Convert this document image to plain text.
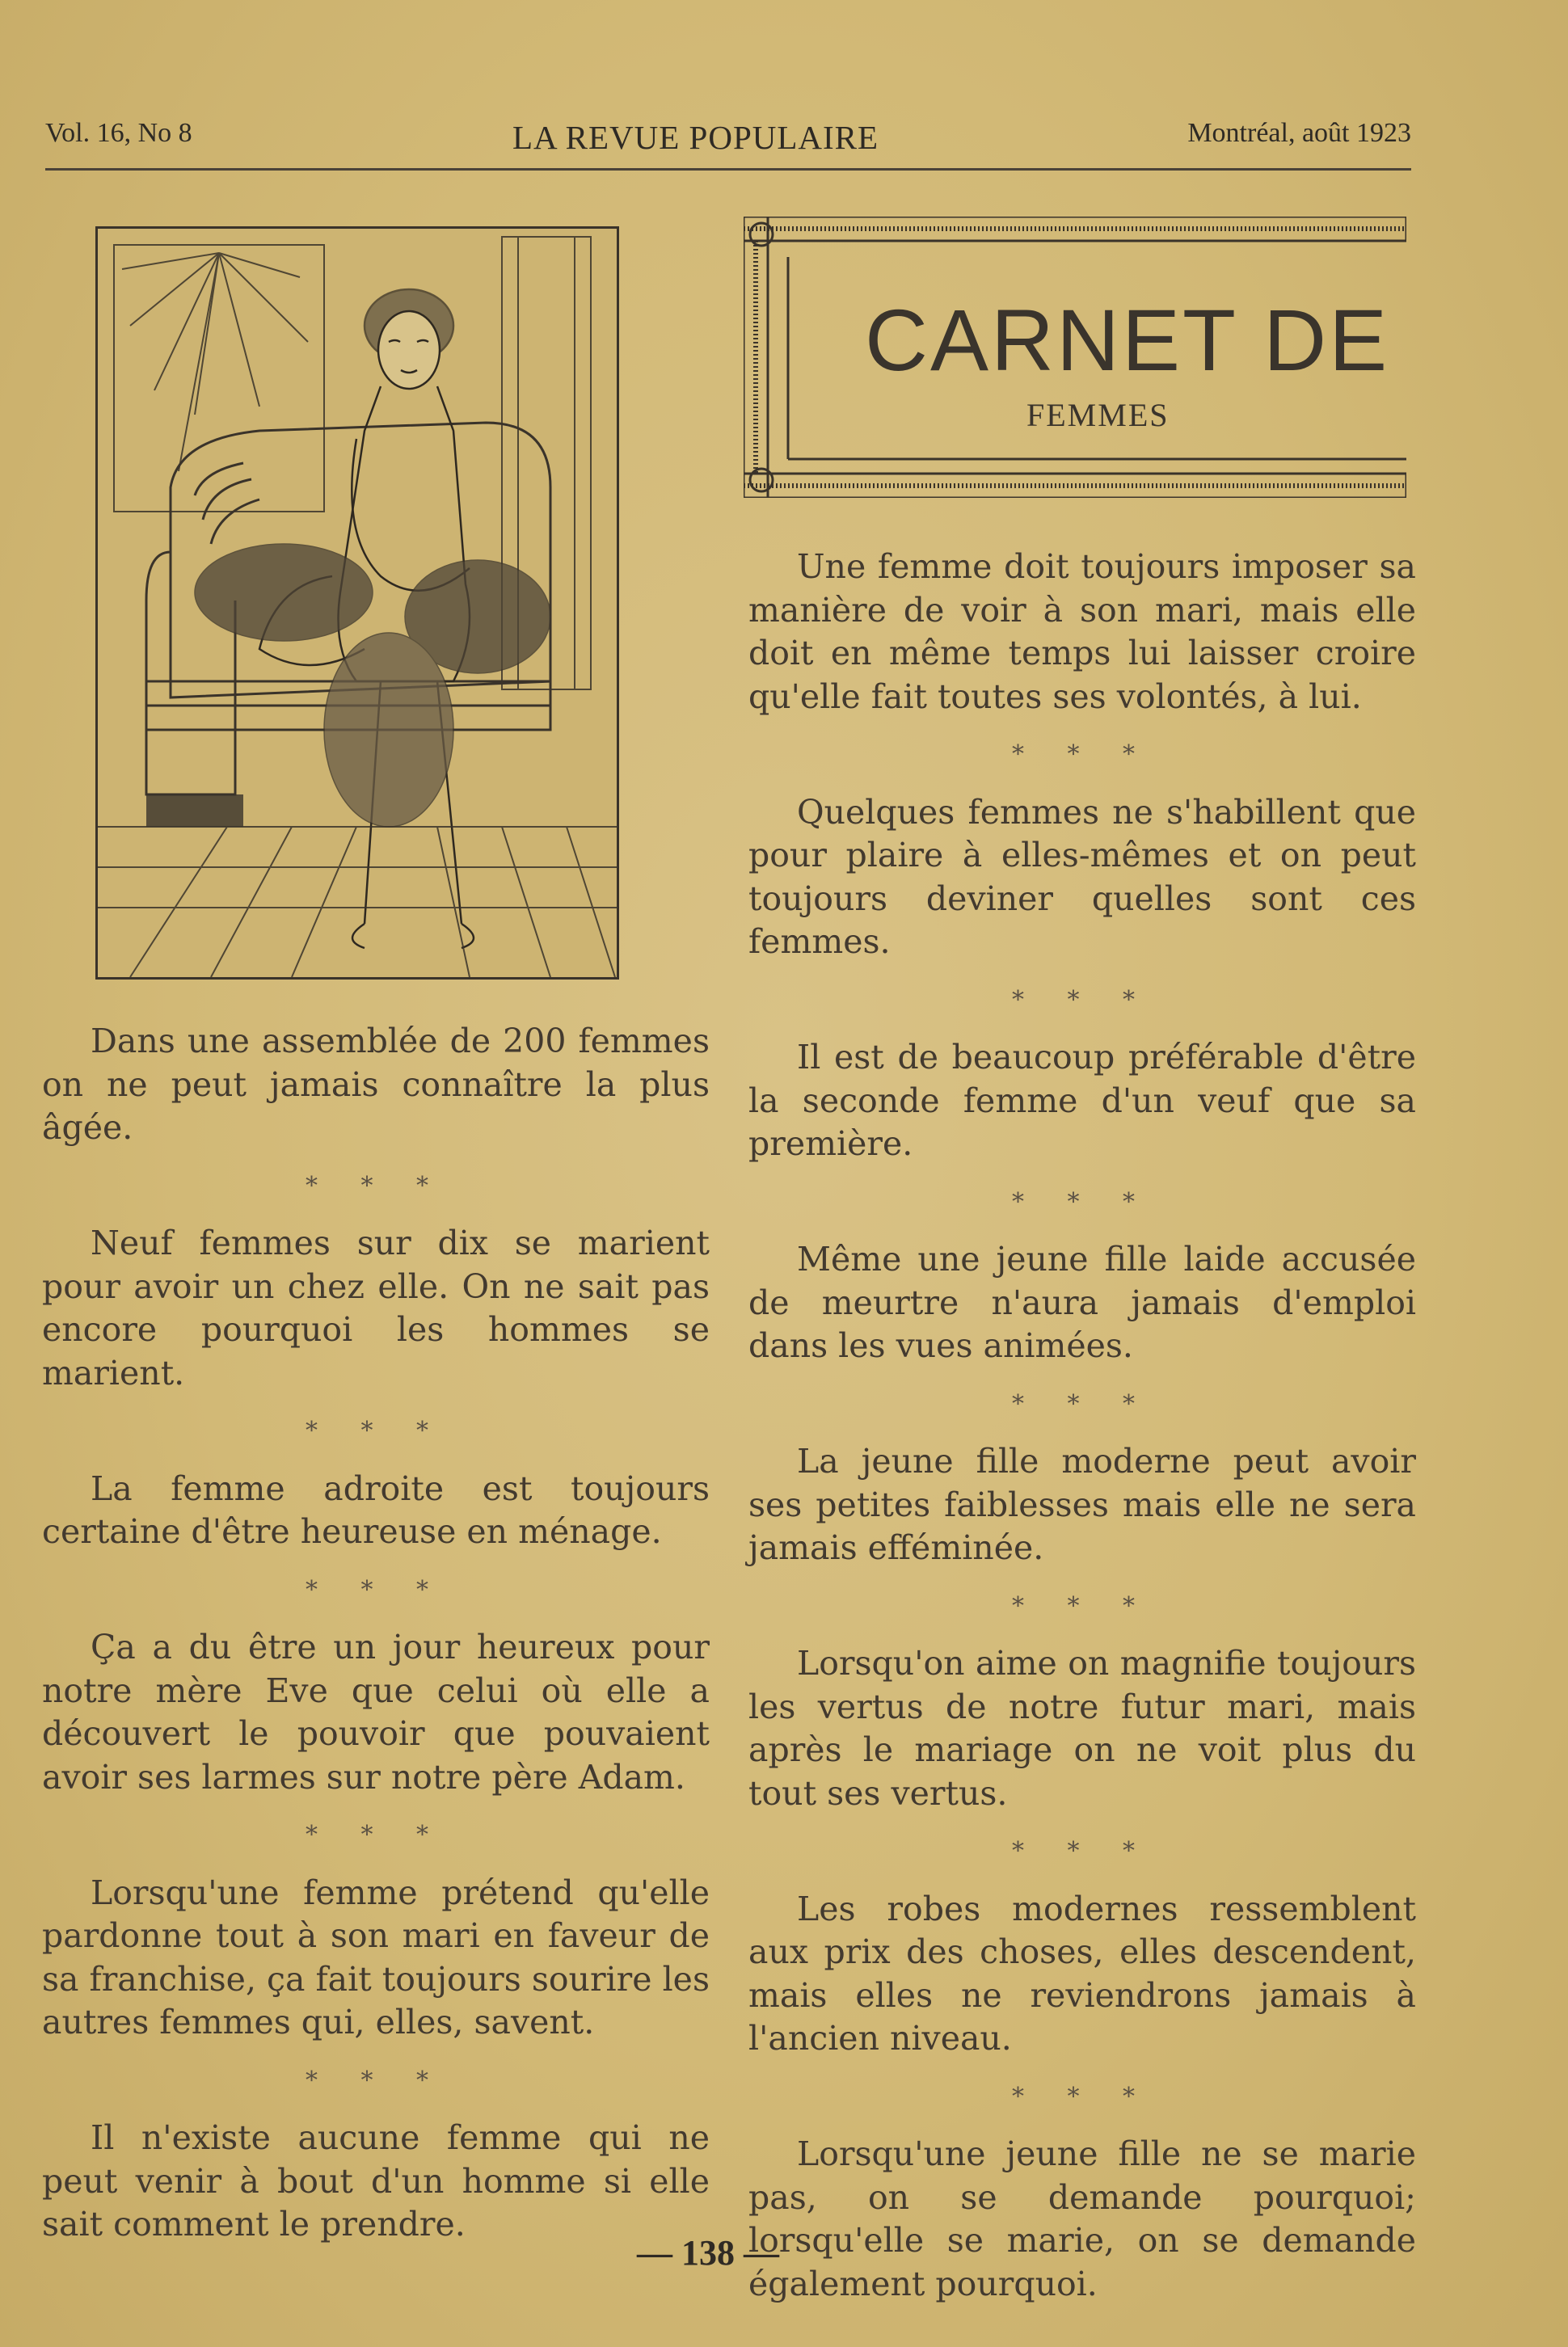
Vol. 16, No 8	LA REVUE POPULAIRE	Montréal, août 1923
CARNET DE
FEMMES

Dans une assemblée de 200 femmes on ne peut jamais connaître la plus âgée.

* * *

Neuf femmes sur dix se marient pour avoir un chez elle. On ne sait pas encore pourquoi les hommes se marient.

* * *

La femme adroite est toujours certaine d'être heureuse en ménage.

* * *

Ça a du être un jour heureux pour notre mère Eve que celui où elle a découvert le pouvoir que pouvaient avoir ses larmes sur notre père Adam.

* * *

Lorsqu'une femme prétend qu'elle pardonne tout à son mari en faveur de sa franchise, ça fait toujours sourire les autres femmes qui, elles, savent.

* * *

Il n'existe aucune femme qui ne peut venir à bout d'un homme si elle sait comment le prendre.

Une femme doit toujours imposer sa manière de voir à son mari, mais elle doit en même temps lui laisser croire qu'elle fait toutes ses volontés, à lui.

* * *

Quelques femmes ne s'habillent que pour plaire à elles-mêmes et on peut toujours deviner quelles sont ces femmes.

* * *

Il est de beaucoup préférable d'être la seconde femme d'un veuf que sa première.

* * *

Même une jeune fille laide accusée de meurtre n'aura jamais d'emploi dans les vues animées.

* * *

La jeune fille moderne peut avoir ses petites faiblesses mais elle ne sera jamais efféminée.

* * *

Lorsqu'on aime on magnifie toujours les vertus de notre futur mari, mais après le mariage on ne voit plus du tout ses vertus.

* * *

Les robes modernes ressemblent aux prix des choses, elles descendent, mais elles ne reviendrons jamais à l'ancien niveau.

* * *

Lorsqu'une jeune fille ne se marie pas, on se demande pourquoi; lorsqu'elle se marie, on se demande également pourquoi.

— 138 —
